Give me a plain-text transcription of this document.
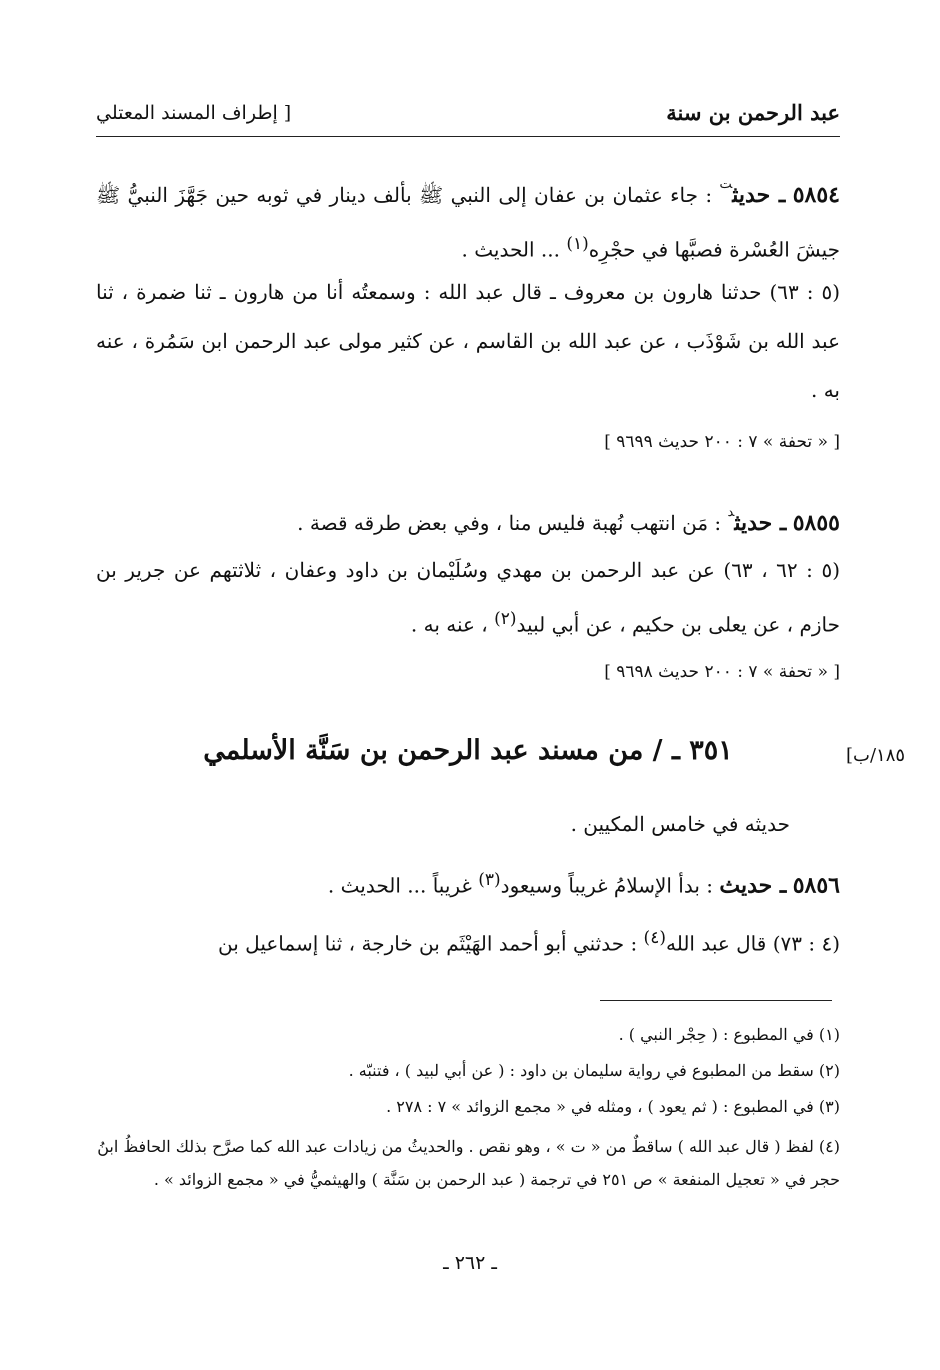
عبد الرحمن بن سنة
[ إطراف المسند المعتلي
٥٨٥٤ ـ حديث$^ت$ : جاء عثمان بن عفان إلى النبي ﷺ بألف دينار في ثوبه حين جَهَّزَ النبيُّ ﷺ جيشَ العُسْرة فصبَّها في حجْرِه$^{(١)}$ ... الحديث .
(٥ : ٦٣) حدثنا هارون بن معروف ـ قال عبد الله : وسمعتُه أنا من هارون ـ ثنا ضمرة ، ثنا عبد الله بن شَوْذَب ، عن عبد الله بن القاسم ، عن كثير مولى عبد الرحمن ابن سَمُرة ، عنه به .
[ « تحفة » ٧ : ٢٠٠ حديث ٩٦٩٩ ]
٥٨٥٥ ـ حديث$^د$ : مَن انتهب نُهبة فليس منا ، وفي بعض طرقه قصة .
(٥ : ٦٢ ، ٦٣) عن عبد الرحمن بن مهدي وسُلَيْمان بن داود وعفان ، ثلاثتهم عن جرير بن حازم ، عن يعلى بن حكيم ، عن أبي لبيد$^{(٢)}$ ، عنه به .
[ « تحفة » ٧ : ٢٠٠ حديث ٩٦٩٨ ]
٣٥١ ـ / من مسند عبد الرحمن بن سَنَّة الأسلمي	١٨٥/ب]
حديثه في خامس المكيين .
٥٨٥٦ ـ حديث : بدأ الإسلامُ غريباً وسيعود$^{(٣)}$ غريباً ... الحديث .
(٤ : ٧٣) قال عبد الله$^{(٤)}$ : حدثني أبو أحمد الهَيْثَم بن خارجة ، ثنا إسماعيل بن
(١) في المطبوع : ( حِجْر النبي ) .
(٢) سقط من المطبوع في رواية سليمان بن داود : ( عن أبي لبيد ) ، فتنبّه .
(٣) في المطبوع : ( ثم يعود ) ، ومثله في « مجمع الزوائد » ٧ : ٢٧٨ .
(٤) لفظ ( قال عبد الله ) ساقطٌ من « ت » ، وهو نقص . والحديثُ من زيادات عبد الله كما صرَّح بذلك الحافظُ ابنُ حجر في « تعجيل المنفعة » ص ٢٥١ في ترجمة ( عبد الرحمن بن سَنَّة ) والهيثميُّ في « مجمع الزوائد » .
ـ ٢٦٢ ـ
